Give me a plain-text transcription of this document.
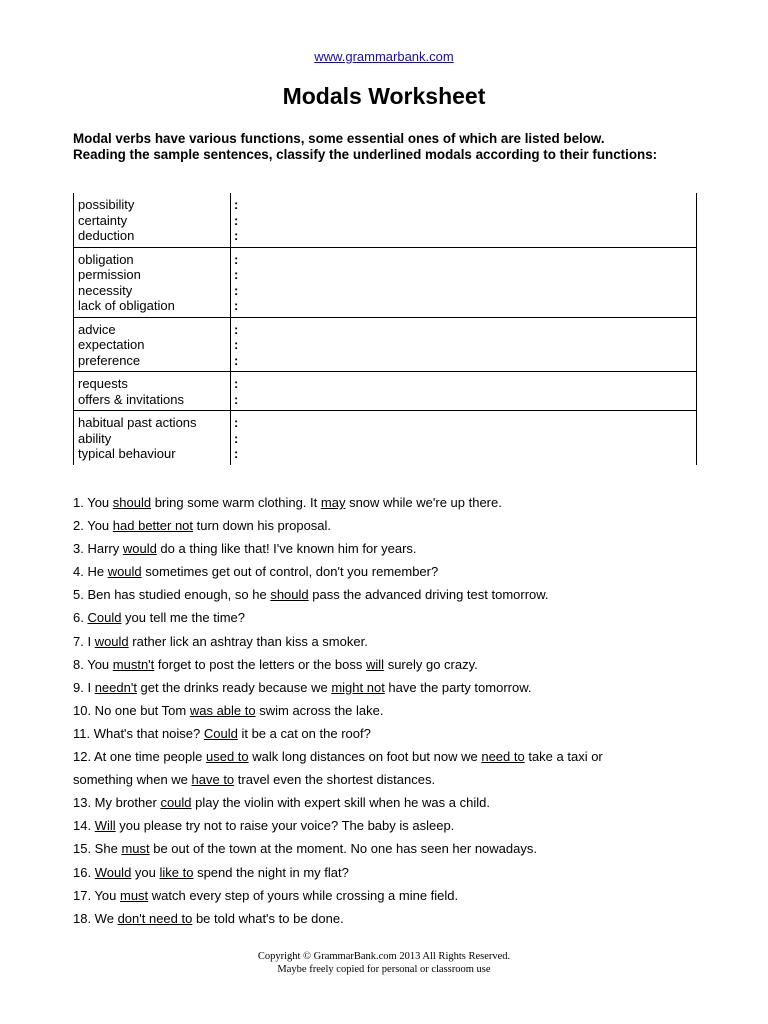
www.grammarbank.com
Modals Worksheet
Modal verbs have various functions, some essential ones of which are listed below.
Reading the sample sentences, classify the underlined modals according to their functions:
possibility
certainty
deduction
:
:
:
obligation
permission
necessity
lack of obligation
:
:
:
:
advice
expectation
preference
:
:
:
requests
offers & invitations
:
:
habitual past actions
ability
typical behaviour
:
:
:
1. You should bring some warm clothing. It may snow while we're up there.
2. You had better not turn down his proposal.
3. Harry would do a thing like that! I've known him for years.
4. He would sometimes get out of control, don't you remember?
5. Ben has studied enough, so he should pass the advanced driving test tomorrow.
6. Could you tell me the time?
7. I would rather lick an ashtray than kiss a smoker.
8. You mustn't forget to post the letters or the boss will surely go crazy.
9. I needn't get the drinks ready because we might not have the party tomorrow.
10. No one but Tom was able to swim across the lake.
11. What's that noise? Could it be a cat on the roof?
12. At one time people used to walk long distances on foot but now we need to take a taxi or
something when we have to travel even the shortest distances.
13. My brother could play the violin with expert skill when he was a child.
14. Will you please try not to raise your voice? The baby is asleep.
15. She must be out of the town at the moment. No one has seen her nowadays.
16. Would you like to spend the night in my flat?
17. You must watch every step of yours while crossing a mine field.
18. We don't need to be told what's to be done.
Copyright © GrammarBank.com 2013 All Rights Reserved.
Maybe freely copied for personal or classroom use
